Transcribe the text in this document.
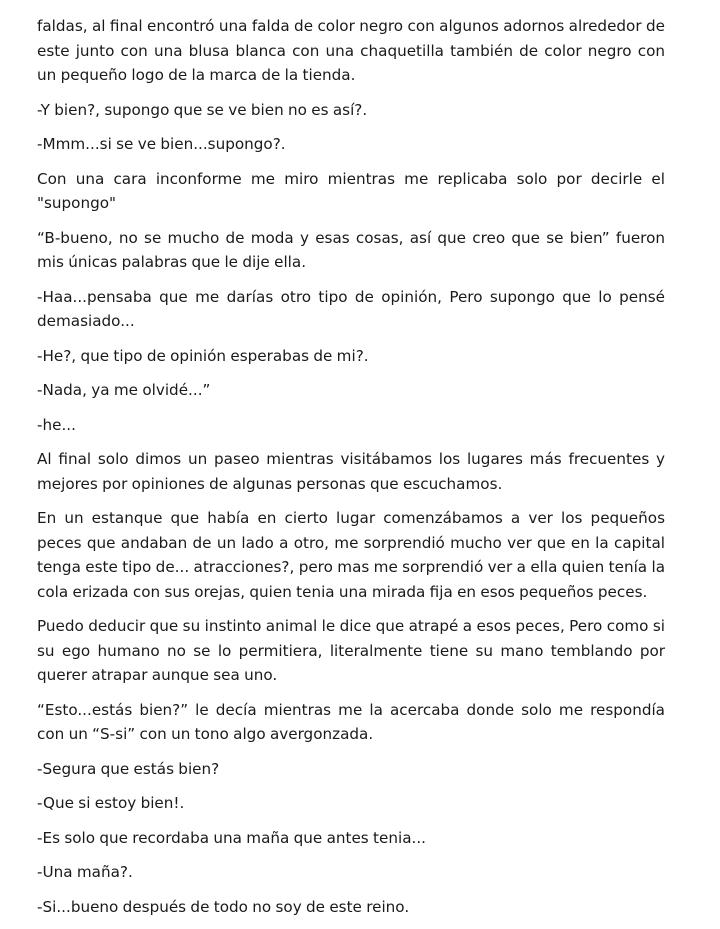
faldas, al final encontró una falda de color negro con algunos adornos alrededor de este junto con una blusa blanca con una chaquetilla también de color negro con un pequeño logo de la marca de la tienda.

-Y bien?, supongo que se ve bien no es así?.

-Mmm...si se ve bien...supongo?.

Con una cara inconforme me miro mientras me replicaba solo por decirle el "supongo"

“B-bueno, no se mucho de moda y esas cosas, así que creo que se bien” fueron mis únicas palabras que le dije ella.

-Haa...pensaba que me darías otro tipo de opinión, Pero supongo que lo pensé demasiado...

-He?, que tipo de opinión esperabas de mi?.

-Nada, ya me olvidé...”

-he...

Al final solo dimos un paseo mientras visitábamos los lugares más frecuentes y mejores por opiniones de algunas personas que escuchamos.

En un estanque que había en cierto lugar comenzábamos a ver los pequeños peces que andaban de un lado a otro, me sorprendió mucho ver que en la capital tenga este tipo de... atracciones?, pero mas me sorprendió ver a ella quien tenía la cola erizada con sus orejas, quien tenia una mirada fija en esos pequeños peces.

Puedo deducir que su instinto animal le dice que atrapé a esos peces, Pero como si su ego humano no se lo permitiera, literalmente tiene su mano temblando por querer atrapar aunque sea uno.

“Esto...estás bien?” le decía mientras me la acercaba donde solo me respondía con un “S-si” con un tono algo avergonzada.

-Segura que estás bien?

-Que si estoy bien!.

-Es solo que recordaba una maña que antes tenia...

-Una maña?.

-Si...bueno después de todo no soy de este reino.
